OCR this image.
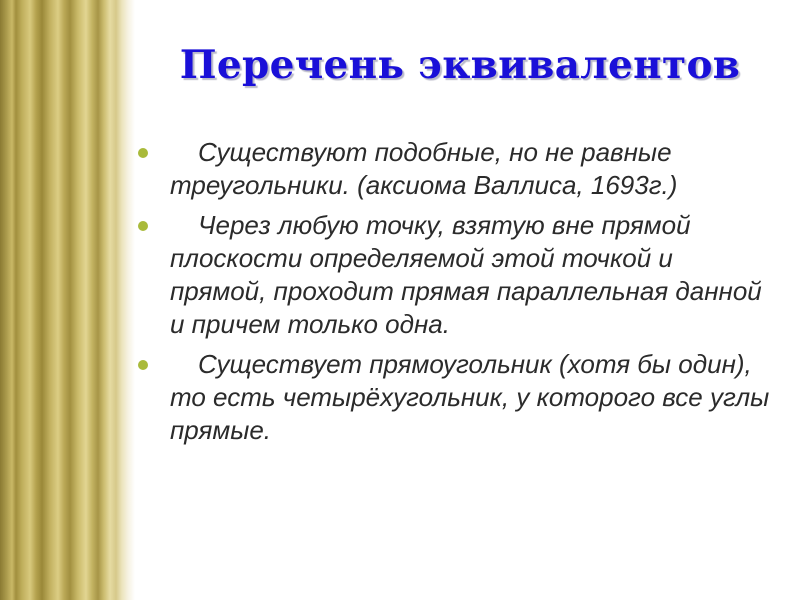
Перечень эквивалентов
Существуют подобные, но не равные треугольники. (аксиома Валлиса, 1693г.)
Через любую точку, взятую вне прямой плоскости определяемой этой точкой и прямой, проходит прямая параллельная данной и причем только одна.
Существует прямоугольник (хотя бы один), то есть четырёхугольник, у которого все углы прямые.
